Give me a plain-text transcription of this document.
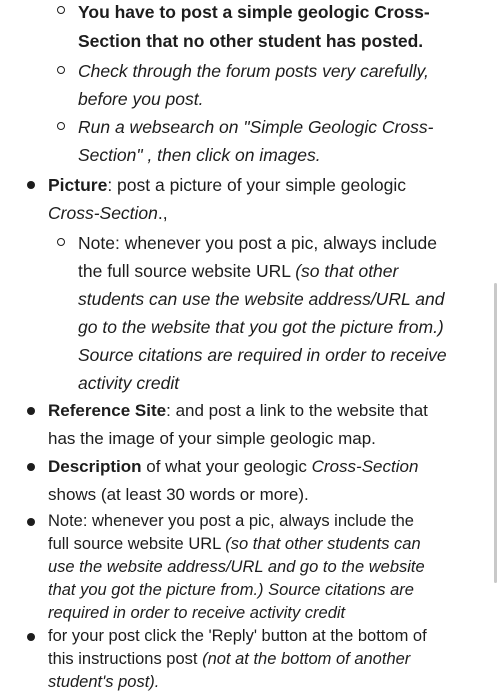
You have to post a simple geologic Cross-
Section that no other student has posted.
Check through the forum posts very carefully,
before you post.
Run a websearch on "Simple Geologic Cross-
Section" , then click on images.
Picture: post a picture of your simple geologic
Cross-Section.,
Note: whenever you post a pic, always include
the full source website URL (so that other
students can use the website address/URL and
go to the website that you got the picture from.)
Source citations are required in order to receive
activity credit
Reference Site: and post a link to the website that
has the image of your simple geologic map.
Description of what your geologic Cross-Section
shows (at least 30 words or more).
Note: whenever you post a pic, always include the
full source website URL (so that other students can
use the website address/URL and go to the website
that you got the picture from.) Source citations are
required in order to receive activity credit
for your post click the 'Reply' button at the bottom of
this instructions post (not at the bottom of another
student's post).
